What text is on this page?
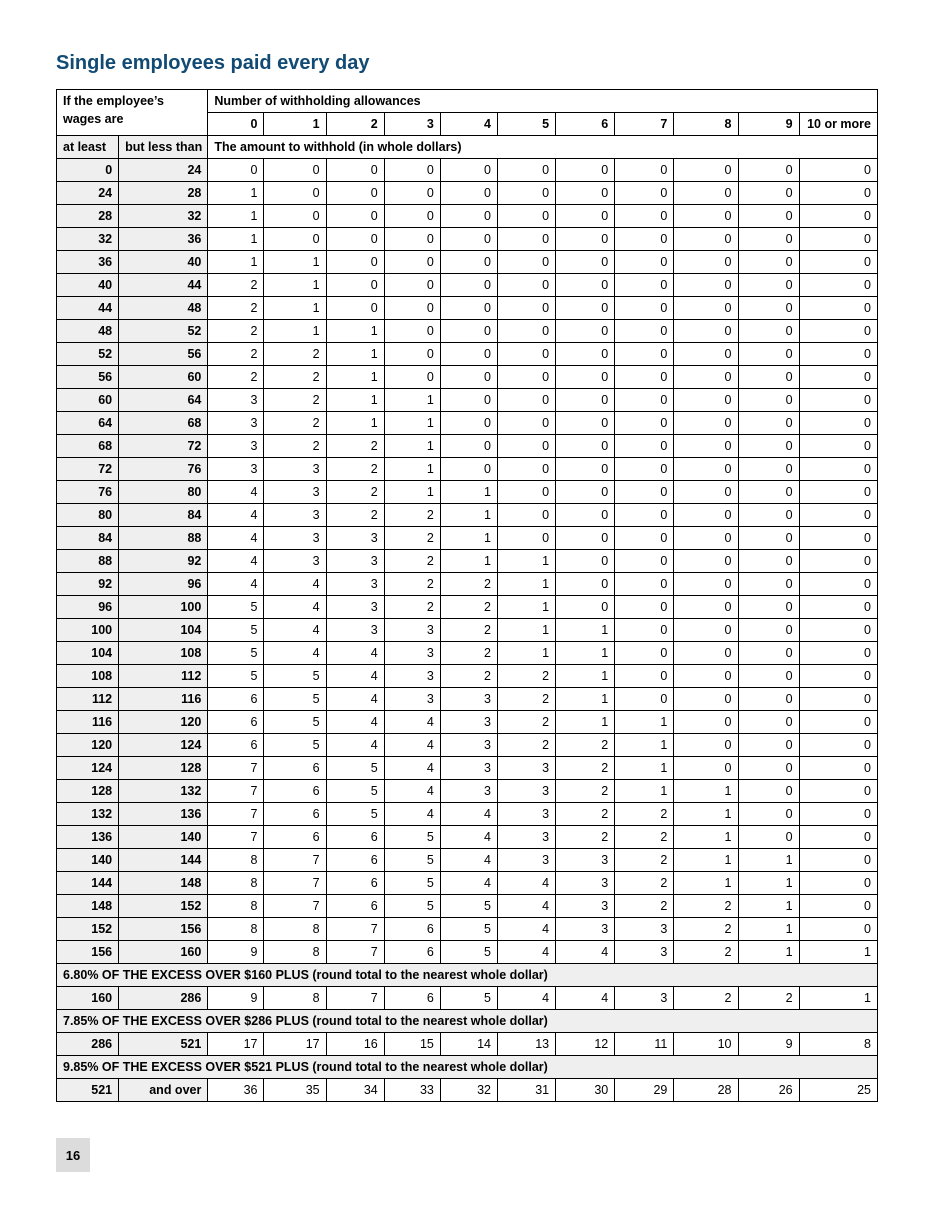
Single employees paid every day
If the employee’s wages are		Number of withholding allowances										
		0	1	2	3	4	5	6	7	8	9	10 or more
at least	but less than	The amount to withhold (in whole dollars)										
0	24	0	0	0	0	0	0	0	0	0	0	0
24	28	1	0	0	0	0	0	0	0	0	0	0
28	32	1	0	0	0	0	0	0	0	0	0	0
32	36	1	0	0	0	0	0	0	0	0	0	0
36	40	1	1	0	0	0	0	0	0	0	0	0
40	44	2	1	0	0	0	0	0	0	0	0	0
44	48	2	1	0	0	0	0	0	0	0	0	0
48	52	2	1	1	0	0	0	0	0	0	0	0
52	56	2	2	1	0	0	0	0	0	0	0	0
56	60	2	2	1	0	0	0	0	0	0	0	0
60	64	3	2	1	1	0	0	0	0	0	0	0
64	68	3	2	1	1	0	0	0	0	0	0	0
68	72	3	2	2	1	0	0	0	0	0	0	0
72	76	3	3	2	1	0	0	0	0	0	0	0
76	80	4	3	2	1	1	0	0	0	0	0	0
80	84	4	3	2	2	1	0	0	0	0	0	0
84	88	4	3	3	2	1	0	0	0	0	0	0
88	92	4	3	3	2	1	1	0	0	0	0	0
92	96	4	4	3	2	2	1	0	0	0	0	0
96	100	5	4	3	2	2	1	0	0	0	0	0
100	104	5	4	3	3	2	1	1	0	0	0	0
104	108	5	4	4	3	2	1	1	0	0	0	0
108	112	5	5	4	3	2	2	1	0	0	0	0
112	116	6	5	4	3	3	2	1	0	0	0	0
116	120	6	5	4	4	3	2	1	1	0	0	0
120	124	6	5	4	4	3	2	2	1	0	0	0
124	128	7	6	5	4	3	3	2	1	0	0	0
128	132	7	6	5	4	3	3	2	1	1	0	0
132	136	7	6	5	4	4	3	2	2	1	0	0
136	140	7	6	6	5	4	3	2	2	1	0	0
140	144	8	7	6	5	4	3	3	2	1	1	0
144	148	8	7	6	5	4	4	3	2	1	1	0
148	152	8	7	6	5	5	4	3	2	2	1	0
152	156	8	8	7	6	5	4	3	3	2	1	0
156	160	9	8	7	6	5	4	4	3	2	1	1
6.80% OF THE EXCESS OVER $160 PLUS (round total to the nearest whole dollar)												
160	286	9	8	7	6	5	4	4	3	2	2	1
7.85% OF THE EXCESS OVER $286 PLUS (round total to the nearest whole dollar)												
286	521	17	17	16	15	14	13	12	11	10	9	8
9.85% OF THE EXCESS OVER $521 PLUS (round total to the nearest whole dollar)												
521	and over	36	35	34	33	32	31	30	29	28	26	25
16
